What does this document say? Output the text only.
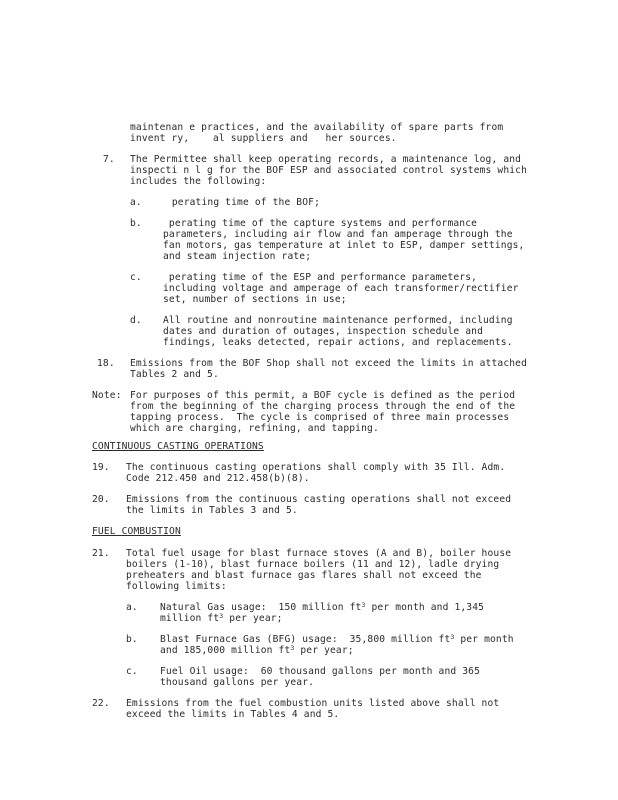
maintenan e practices, and the availability of spare parts from
invent ry,    al suppliers and   her sources.
7. The Permittee shall keep operating records, a maintenance log, and
inspecti n l g for the BOF ESP and associated control systems which
includes the following:
a. perating time of the BOF;
b. perating time of the capture systems and performance
parameters, including air flow and fan amperage through the
fan motors, gas temperature at inlet to ESP, damper settings,
and steam injection rate;
c. perating time of the ESP and performance parameters,
including voltage and amperage of each transformer/rectifier
set, number of sections in use;
d. All routine and nonroutine maintenance performed, including
dates and duration of outages, inspection schedule and
findings, leaks detected, repair actions, and replacements.
18. Emissions from the BOF Shop shall not exceed the limits in attached
Tables 2 and 5.
Note: For purposes of this permit, a BOF cycle is defined as the period
from the beginning of the charging process through the end of the
tapping process.  The cycle is comprised of three main processes
which are charging, refining, and tapping.
CONTINUOUS CASTING OPERATIONS
19. The continuous casting operations shall comply with 35 Ill. Adm.
Code 212.450 and 212.458(b)(8).
20. Emissions from the continuous casting operations shall not exceed
the limits in Tables 3 and 5.
FUEL COMBUSTION
21. Total fuel usage for blast furnace stoves (A and B), boiler house
boilers (1-10), blast furnace boilers (11 and 12), ladle drying
preheaters and blast furnace gas flares shall not exceed the
following limits:
a. Natural Gas usage:  150 million $ft^3$ per month and 1,345
million $ft^3$ per year;
b. Blast Furnace Gas (BFG) usage:  35,800 million $ft^3$ per month
and 185,000 million $ft^3$ per year;
c. Fuel Oil usage:  60 thousand gallons per month and 365
thousand gallons per year.
22. Emissions from the fuel combustion units listed above shall not
exceed the limits in Tables 4 and 5.
